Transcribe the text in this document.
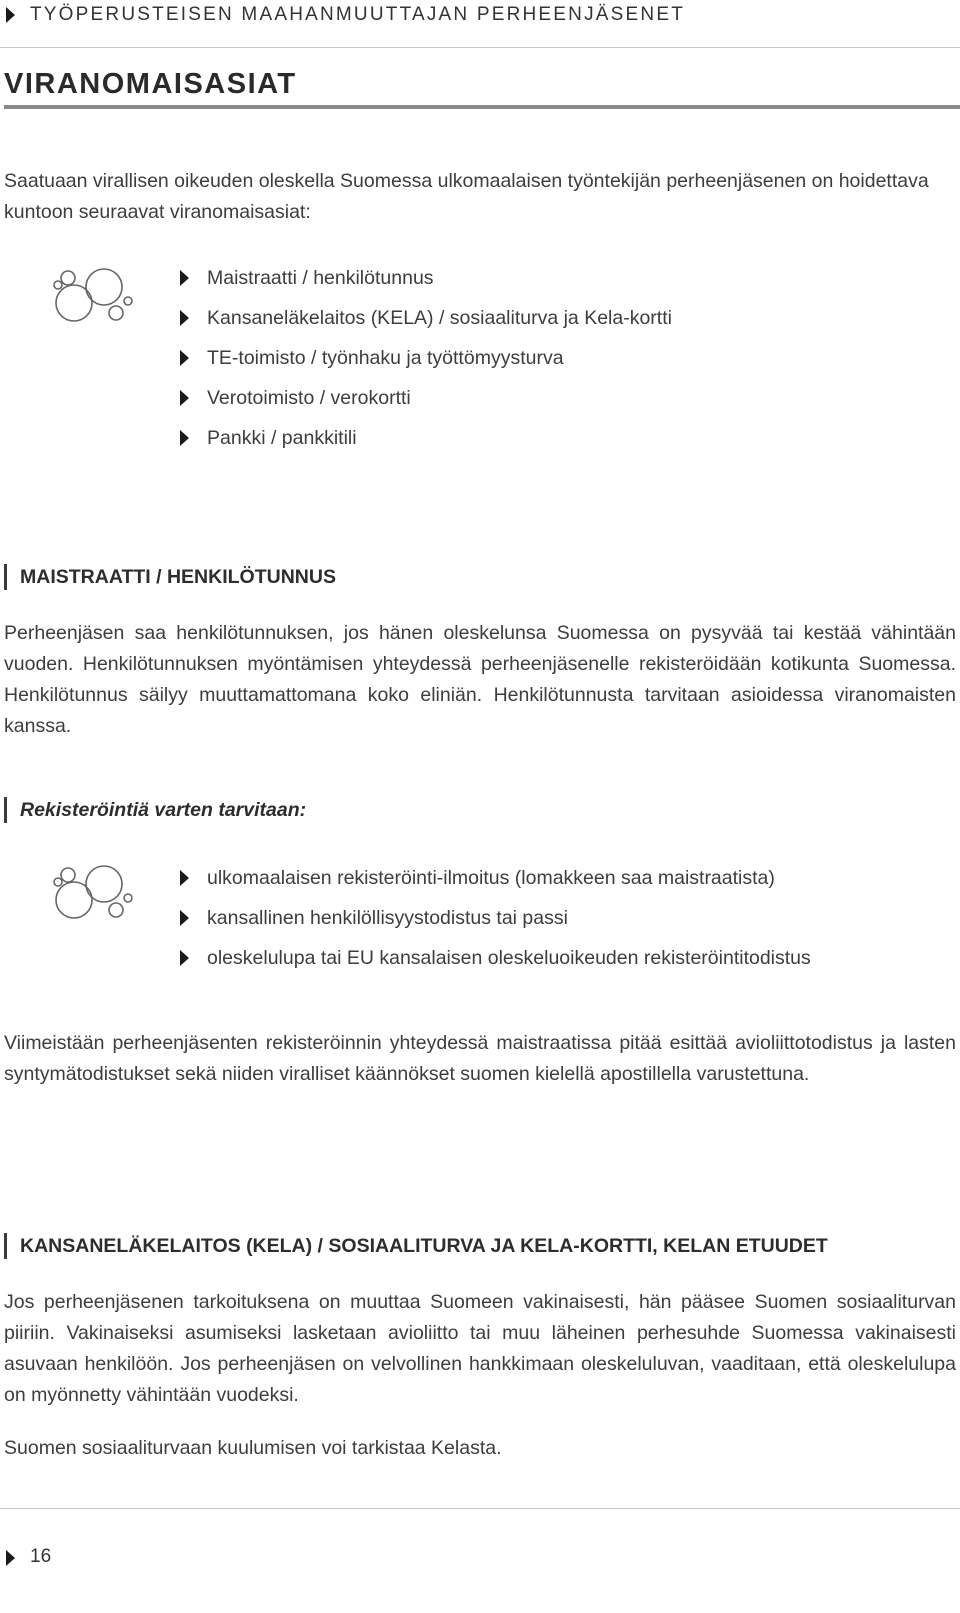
TYÖPERUSTEISEN MAAHANMUUTTAJAN PERHEENJÄSENET
VIRANOMAISASIAT
Saatuaan virallisen oikeuden oleskella Suomessa ulkomaalaisen työntekijän perheenjäsenen on hoidettava kuntoon seuraavat viranomaisasiat:
Maistraatti / henkilötunnus
Kansaneläkelaitos (KELA) / sosiaaliturva ja Kela-kortti
TE-toimisto / työnhaku ja työttömyysturva
Verotoimisto / verokortti
Pankki / pankkitili
MAISTRAATTI / HENKILÖTUNNUS
Perheenjäsen saa henkilötunnuksen, jos hänen oleskelunsa Suomessa on pysyvää tai kestää vähintään vuoden. Henkilötunnuksen myöntämisen yhteydessä perheenjäsenelle rekisteröidään kotikunta Suomessa. Henkilötunnus säilyy muuttamattomana koko eliniän. Henkilötunnusta tarvitaan asioidessa viranomaisten kanssa.
Rekisteröintiä varten tarvitaan:
ulkomaalaisen rekisteröinti-ilmoitus (lomakkeen saa maistraatista)
kansallinen henkilöllisyystodistus tai passi
oleskelulupa tai EU kansalaisen oleskeluoikeuden rekisteröintitodistus
Viimeistään perheenjäsenten rekisteröinnin yhteydessä maistraatissa pitää esittää avioliittotodistus ja lasten syntymätodistukset sekä niiden viralliset käännökset suomen kielellä apostillella varustettuna.
KANSANELÄKELAITOS (KELA) / SOSIAALITURVA JA KELA-KORTTI, KELAN ETUUDET
Jos perheenjäsenen tarkoituksena on muuttaa Suomeen vakinaisesti, hän pääsee Suomen sosiaaliturvan piiriin. Vakinaiseksi asumiseksi lasketaan avioliitto tai muu läheinen perhesuhde Suomessa vakinaisesti asuvaan henkilöön. Jos perheenjäsen on velvollinen hankkimaan oleskeluluvan, vaaditaan, että oleskelulupa on myönnetty vähintään vuodeksi.
Suomen sosiaaliturvaan kuulumisen voi tarkistaa Kelasta.
16
